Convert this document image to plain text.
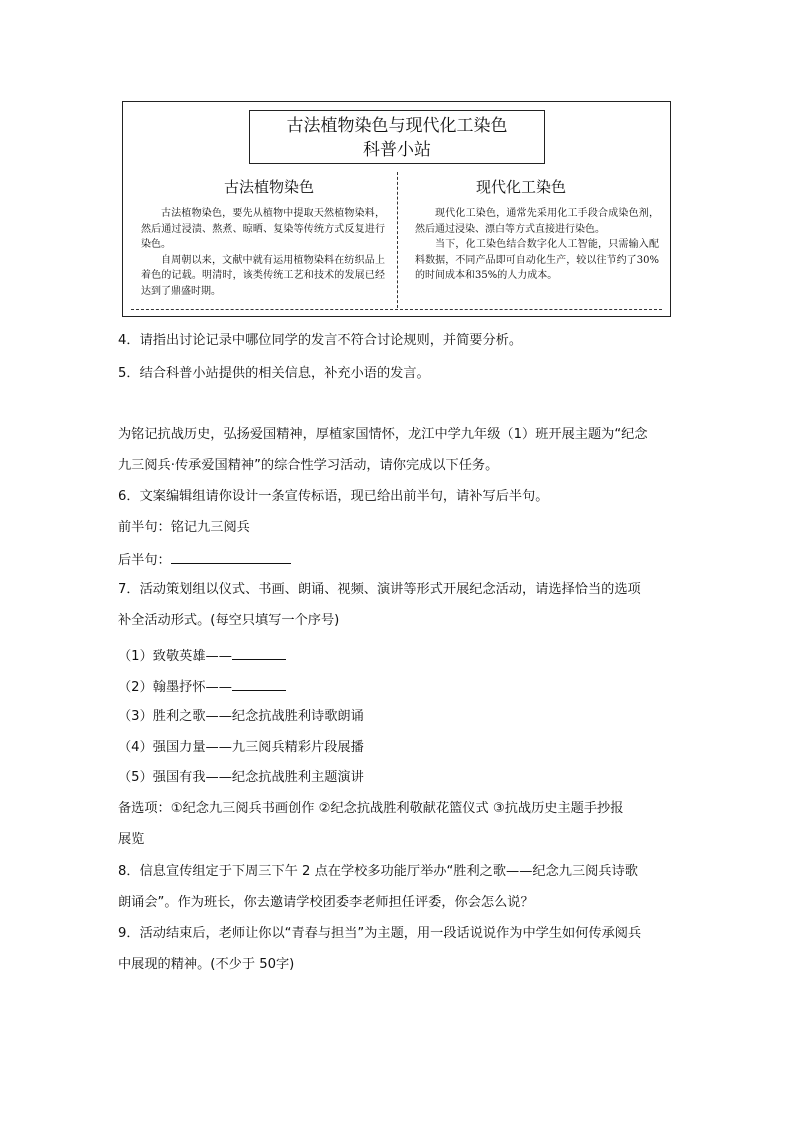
古法植物染色与现代化工染色
科普小站
古法植物染色	现代化工染色

古法植物染色，要先从植物中提取天然植物染料，然后通过浸渍、熬煮、晾晒、复染等传统方式反复进行染色。

自周朝以来，文献中就有运用植物染料在纺织品上着色的记载。明清时，该类传统工艺和技术的发展已经达到了鼎盛时期。

现代化工染色，通常先采用化工手段合成染色剂，然后通过浸染、漂白等方式直接进行染色。

当下，化工染色结合数字化人工智能，只需输入配料数据，不同产品即可自动化生产，较以往节约了30%的时间成本和35%的人力成本。

4．请指出讨论记录中哪位同学的发言不符合讨论规则，并简要分析。
5．结合科普小站提供的相关信息，补充小语的发言。
为铭记抗战历史，弘扬爱国精神，厚植家国情怀，龙江中学九年级（1）班开展主题为“纪念
九三阅兵·传承爱国精神”的综合性学习活动，请你完成以下任务。
6．文案编辑组请你设计一条宣传标语，现已给出前半句，请补写后半句。
前半句：铭记九三阅兵
后半句：
7．活动策划组以仪式、书画、朗诵、视频、演讲等形式开展纪念活动，请选择恰当的选项
补全活动形式。(每空只填写一个序号)
（1）致敬英雄——
（2）翰墨抒怀——
（3）胜利之歌——纪念抗战胜利诗歌朗诵
（4）强国力量——九三阅兵精彩片段展播
（5）强国有我——纪念抗战胜利主题演讲
备选项：①纪念九三阅兵书画创作 ②纪念抗战胜利敬献花篮仪式 ③抗战历史主题手抄报
展览
8．信息宣传组定于下周三下午 2 点在学校多功能厅举办“胜利之歌——纪念九三阅兵诗歌
朗诵会”。作为班长，你去邀请学校团委李老师担任评委，你会怎么说？
9．活动结束后，老师让你以“青春与担当”为主题，用一段话说说作为中学生如何传承阅兵
中展现的精神。(不少于 50字)
